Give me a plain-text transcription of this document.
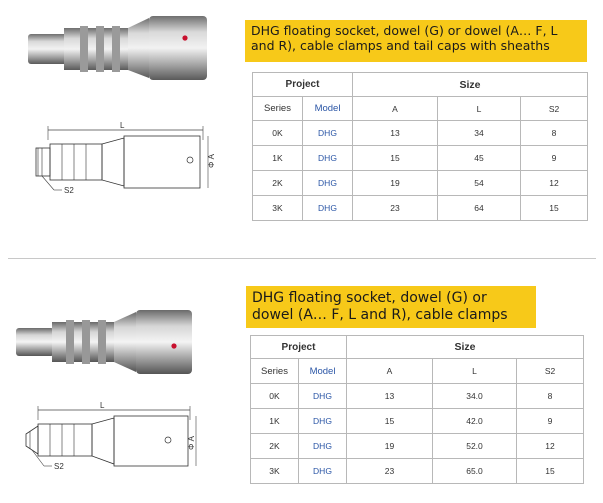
L
Φ A
S2
DHG floating socket, dowel (G) or dowel (A… F, L and R), cable clamps and tail caps with sheaths
Project		Size		
Series	Model	A	L	S2
0K	DHG	13	34	8
1K	DHG	15	45	9
2K	DHG	19	54	12
3K	DHG	23	64	15
L
Φ A
S2
DHG floating socket, dowel (G) or dowel (A… F, L and R), cable clamps
Project		Size		
Series	Model	A	L	S2
0K	DHG	13	34.0	8
1K	DHG	15	42.0	9
2K	DHG	19	52.0	12
3K	DHG	23	65.0	15
